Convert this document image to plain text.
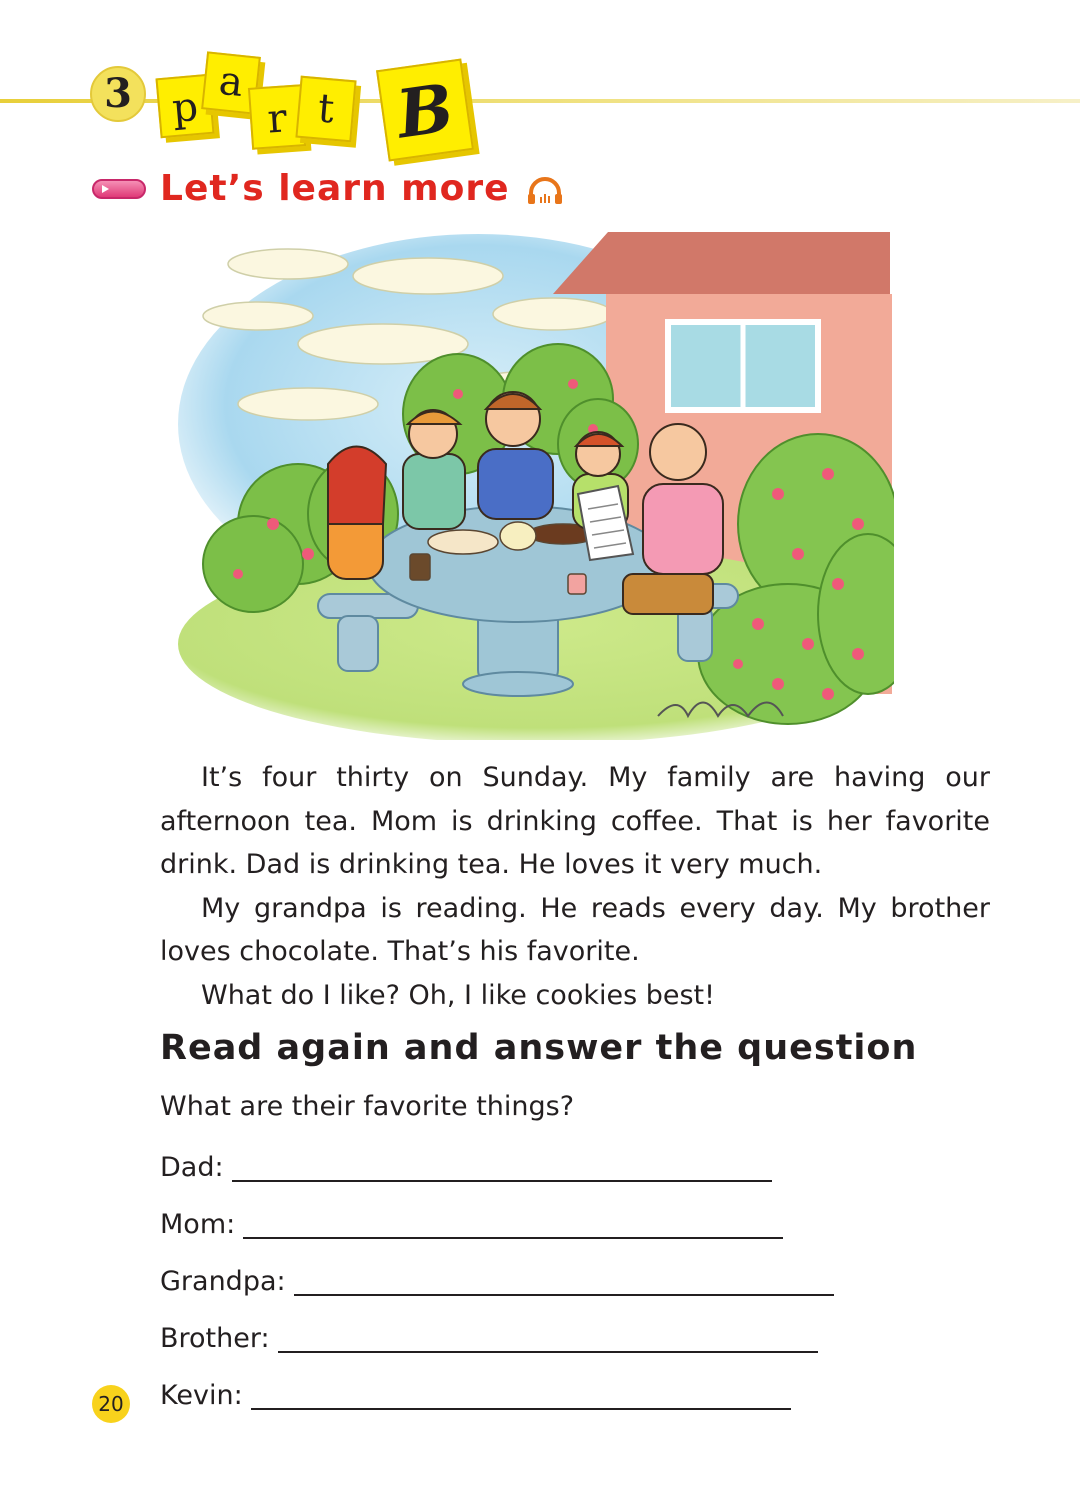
3 p
a
r t B
Let’s learn more

It’s four thirty on Sunday. My family are having our afternoon tea. Mom is drinking coffee. That is her favorite drink. Dad is drinking tea. He loves it very much.

My grandpa is reading. He reads every day. My brother loves chocolate. That’s his favorite.

What do I like? Oh, I like cookies best!

Read again and answer the question
What are their favorite things?
Dad:
Mom:
Grandpa:
Brother:
Kevin:
20
